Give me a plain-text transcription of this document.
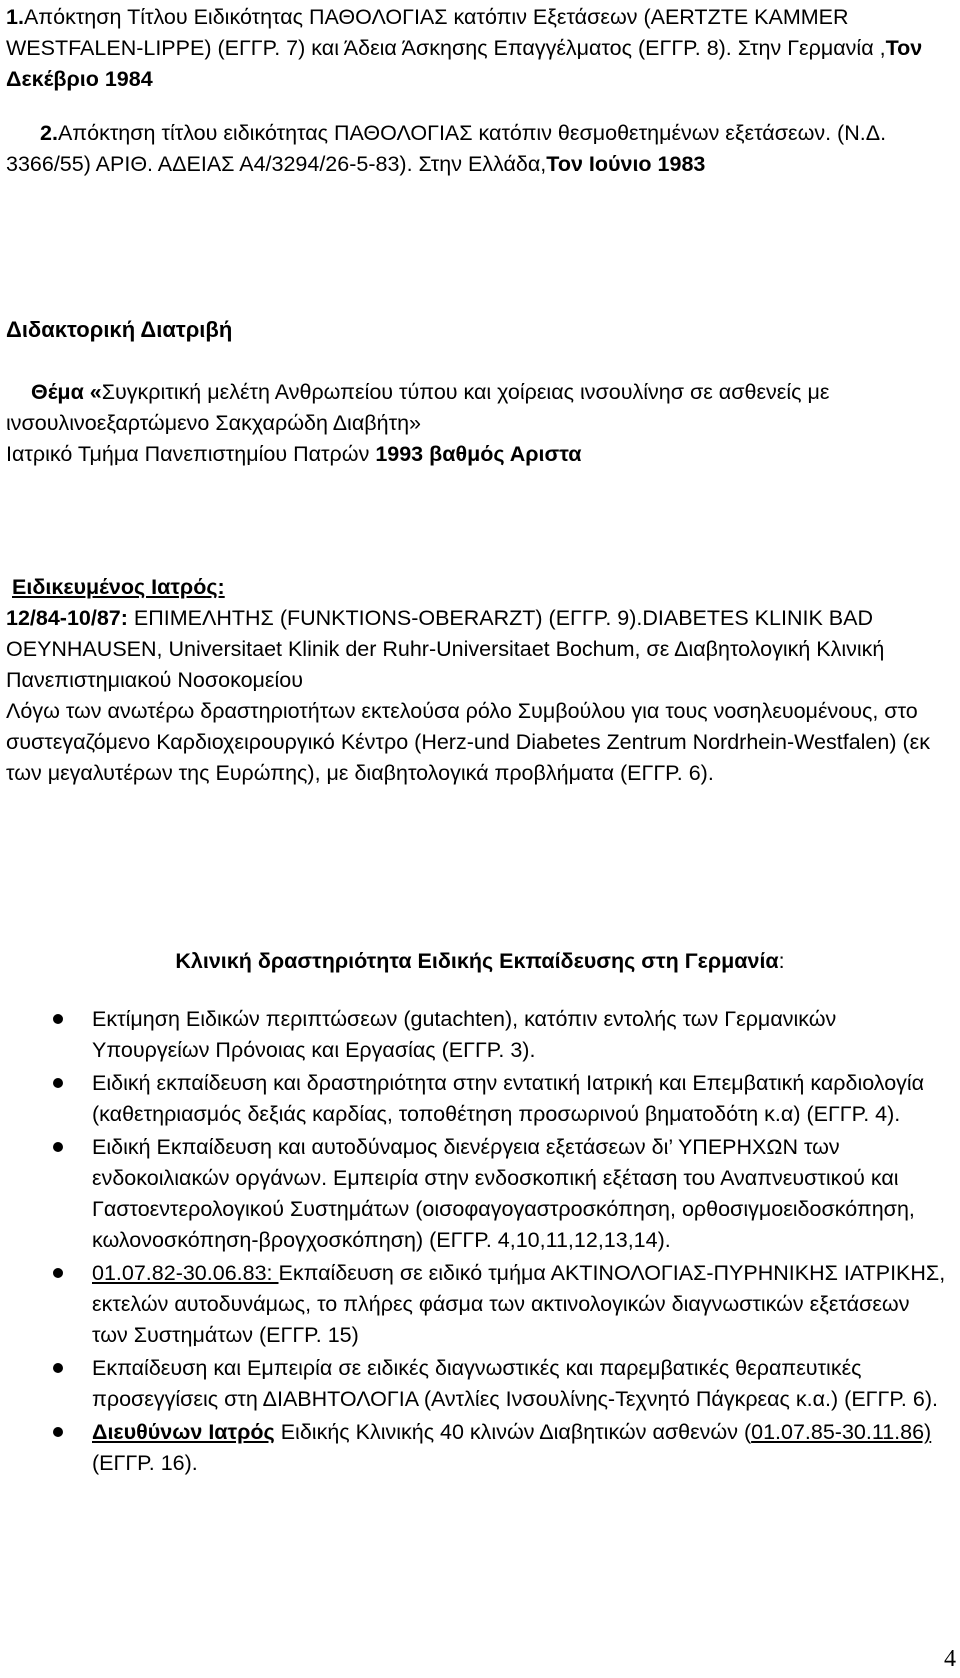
1.Απόκτηση Τίτλου Ειδικότητας ΠΑΘΟΛΟΓΙΑΣ κατόπιν Εξετάσεων (AERTZTE KAMMER WESTFALEN-LIPPE) (ΕΓΓΡ. 7) και Άδεια Άσκησης Επαγγέλματος (ΕΓΓΡ. 8). Στην Γερμανία ,Τον Δεκέβριο 1984

2.Απόκτηση τίτλου ειδικότητας ΠΑΘΟΛΟΓΙΑΣ κατόπιν θεσμοθετημένων εξετάσεων. (Ν.Δ. 3366/55) ΑΡΙΘ. ΑΔΕΙΑΣ Α4/3294/26-5-83). Στην Ελλάδα,Τον Ιούνιο 1983

Διδακτορική Διατριβή

Θέμα «Συγκριτική μελέτη Ανθρωπείου τύπου και χοίρειας ινσουλίνησ σε ασθενείς με ινσουλινοεξαρτώμενο Σακχαρώδη Διαβήτη»

Ιατρικό Τμήμα Πανεπιστημίου Πατρών 1993 βαθμός Αριστα

Ειδικευμένος Ιατρός:

12/84-10/87: ΕΠΙΜΕΛΗΤΗΣ (FUNKTIONS-OBERARZT) (ΕΓΓΡ. 9).DIABETES KLINIK BAD OEYNHAUSEN, Universitaet Klinik der Ruhr-Universitaet Bochum, σε Διαβητολογική Κλινική Πανεπιστημιακού Νοσοκομείου
Λόγω των ανωτέρω δραστηριοτήτων εκτελούσα ρόλο Συμβούλου για τους νοσηλευομένους, στο συστεγαζόμενο Καρδιοχειρουργικό Κέντρο (Herz-und Diabetes Zentrum Nordrhein-Westfalen) (εκ των μεγαλυτέρων της Ευρώπης), με διαβητολογικά προβλήματα (ΕΓΓΡ. 6).

Κλινική δραστηριότητα Ειδικής Εκπαίδευσης στη Γερμανία:

Εκτίμηση Ειδικών περιπτώσεων (gutachten), κατόπιν εντολής των Γερμανικών Υπουργείων Πρόνοιας και Εργασίας (ΕΓΓΡ. 3).
Ειδική εκπαίδευση και δραστηριότητα στην εντατική Ιατρική και Επεμβατική καρδιολογία (καθετηριασμός δεξιάς καρδίας, τοποθέτηση προσωρινού βηματοδότη κ.α) (ΕΓΓΡ. 4).
Ειδική Εκπαίδευση και αυτοδύναμος διενέργεια εξετάσεων δι’ ΥΠΕΡΗΧΩΝ των ενδοκοιλιακών οργάνων. Εμπειρία στην ενδοσκοπική εξέταση του Αναπνευστικού και Γαστοεντερολογικού Συστημάτων (οισοφαγογαστροσκόπηση, ορθοσιγμοειδοσκόπηση, κωλονοσκόπηση-βρογχοσκόπηση) (ΕΓΓΡ. 4,10,11,12,13,14).
01.07.82-30.06.83: Εκπαίδευση σε ειδικό τμήμα ΑΚΤΙΝΟΛΟΓΙΑΣ-ΠΥΡΗΝΙΚΗΣ ΙΑΤΡΙΚΗΣ, εκτελών αυτοδυνάμως, το πλήρες φάσμα των ακτινολογικών διαγνωστικών εξετάσεων των Συστημάτων (ΕΓΓΡ. 15)
Εκπαίδευση και Εμπειρία σε ειδικές διαγνωστικές και παρεμβατικές θεραπευτικές προσεγγίσεις στη ΔΙΑΒΗΤΟΛΟΓΙΑ (Αντλίες Ινσουλίνης-Τεχνητό Πάγκρεας κ.α.) (ΕΓΓΡ. 6).
Διευθύνων Ιατρός Ειδικής Κλινικής 40 κλινών Διαβητικών ασθενών (01.07.85-30.11.86) (ΕΓΓΡ. 16).
4
